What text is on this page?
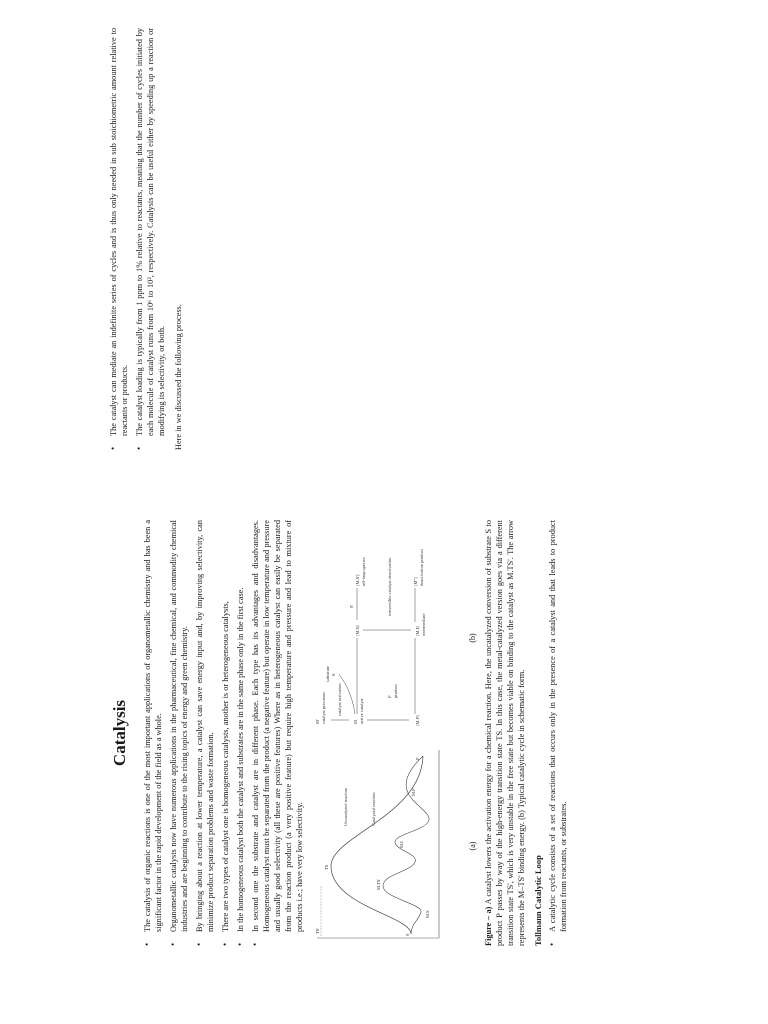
Catalysis
•
The catalysis of organic reactions is one of the most important applications of organometallic chemistry and has been a significant factor in the rapid development of the field as a whole.
•
Organometallic catalysts now have numerous applications in the pharmaceutical, fine chemical, and commodity chemical industries and are beginning to contribute to the rising topics of energy and green chemistry.
•
By bringing about a reaction at lower temperature, a catalyst can save energy input and, by improving selectivity, can minimize product separation problems and waste formation.
•
There are two types of catalyst one is homogeneous catalysts, another is or heterogeneous catalysts,
•
In the homogeneous catalyst both the catalyst and substrates are in the same phase only in the first case.
•
In second one the substrate and catalyst are in different phase. Each type has its advantages and disadvantages. Homogeneous catalyst must be separated from the product (a negative feature) but operate in low temperature and pressure and usually good selectivity (all these are positive features) Where as in heterogeneous catalyst can easily be separated from the reaction product (a very positive feature) but require high temperature and pressure and lead to mixture of products i.e.; have very low selectivity. TS'
TS
M.TS'
Uncatalyzed reaction	Catalyzed reaction
S
M.S
M.I
M.P
P
(a)
M' catalyst precursor catalyst activation
M active catalyst
substrate S
[M.S]
[M.P]
P product
[M.I] intermediate
irreversible catalyst deactivation
S'
[M.S'] off-loop species	[M''] deactivation product
(b)

Figure – a) A catalyst lowers the activation energy for a chemical reaction. Here, the uncatalyzed conversion of substrate S to product P passes by way of the high-energy transition state TS. In this case, the metal-catalyzed version goes via a different transition state TS', which is very unstable in the free state but becomes viable on binding to the catalyst as M.TS'. The arrow represents the M–TS' binding energy. (b) Typical catalytic cycle in schematic form. Tollmann Catalytic Loop •
A catalytic cycle consists of a set of reactions that occurs only in the presence of a catalyst and that leads to product formation from reactants, or substrates.
•
The catalyst can mediate an indefinite series of cycles and is thus only needed in sub stoichiometric amount relative to reactants or products.
•
The catalyst loading is typically from 1 ppm to 1% relative to reactants, meaning that the number of cycles initiated by each molecule of catalyst runs from 10⁶ to 10², respectively. Catalysis can be useful either by speeding up a reaction or modifying its selectivity, or both. Here in we discussed the following process.
